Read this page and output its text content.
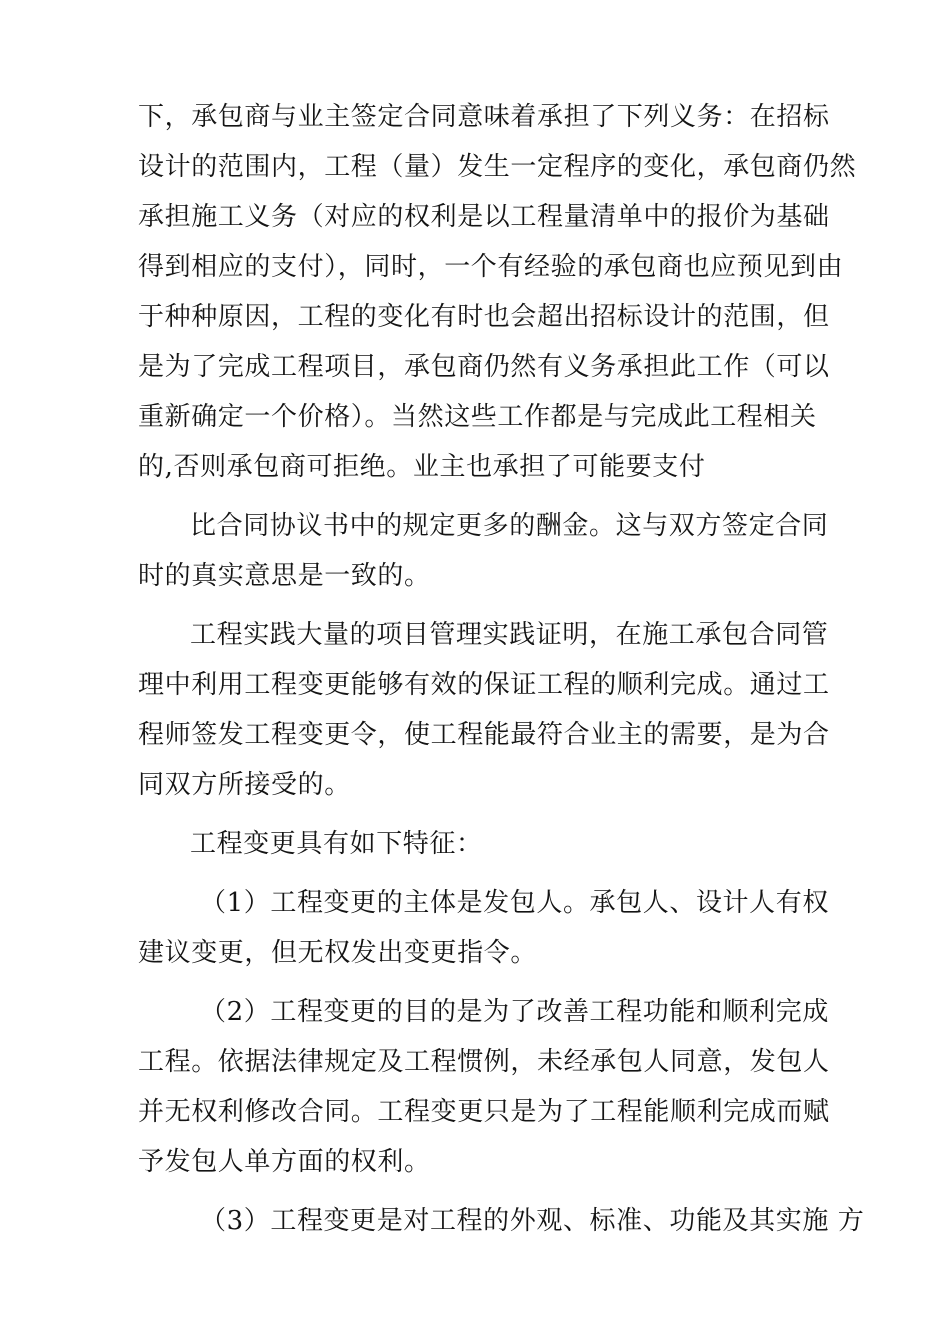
下，承包商与业主签定合同意味着承担了下列义务：在招标
设计的范围内，工程（量）发生一定程序的变化，承包商仍然
承担施工义务（对应的权利是以工程量清单中的报价为基础
得到相应的支付），同时，一个有经验的承包商也应预见到由
于种种原因，工程的变化有时也会超出招标设计的范围，但
是为了完成工程项目，承包商仍然有义务承担此工作（可以
重新确定一个价格）。当然这些工作都是与完成此工程相关
的,否则承包商可拒绝。业主也承担了可能要支付
比合同协议书中的规定更多的酬金。这与双方签定合同
时的真实意思是一致的。
工程实践大量的项目管理实践证明，在施工承包合同管
理中利用工程变更能够有效的保证工程的顺利完成。通过工
程师签发工程变更令，使工程能最符合业主的需要，是为合
同双方所接受的。
工程变更具有如下特征：
（1）工程变更的主体是发包人。承包人、设计人有权
建议变更，但无权发出变更指令。
（2）工程变更的目的是为了改善工程功能和顺利完成
工程。依据法律规定及工程惯例，未经承包人同意，发包人
并无权利修改合同。工程变更只是为了工程能顺利完成而赋
予发包人单方面的权利。
（3）工程变更是对工程的外观、标准、功能及其实施 方
